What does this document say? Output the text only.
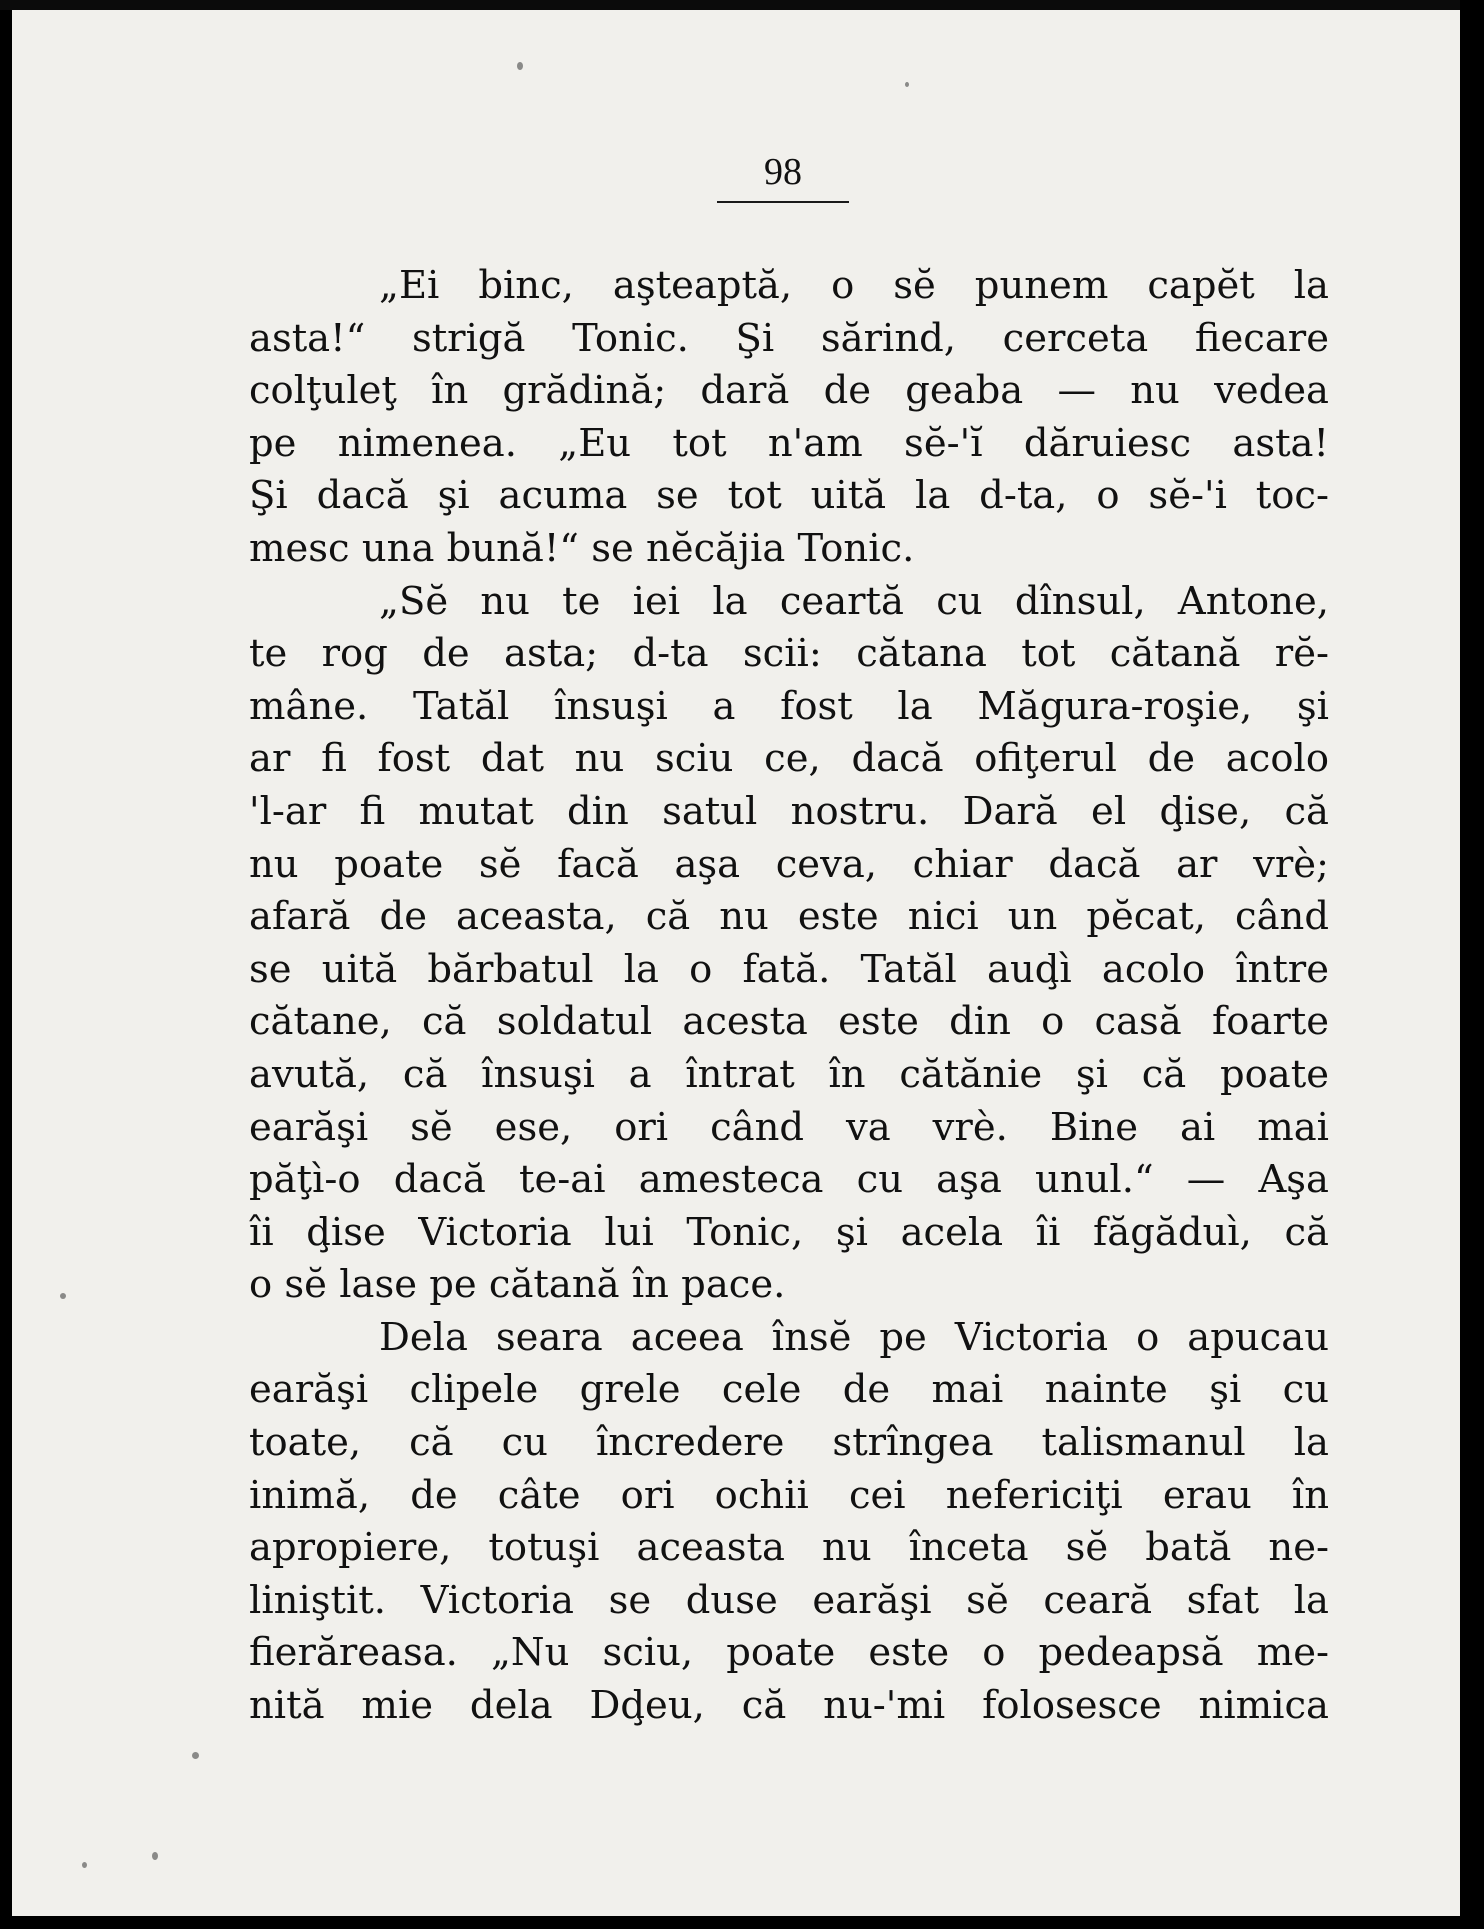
98
„Ei binc, aşteaptă, o sĕ punem capĕt la
asta!“ strigă Tonic. Şi sărind, cerceta fiecare
colţuleţ în grădină; dară de geaba — nu vedea
pe nimenea. „Eu tot n'am sĕ-'ĭ dăruiesc asta!
Şi dacă şi acuma se tot uită la d-ta, o sĕ-'i toc-
mesc una bună!“ se nĕcăjia Tonic.
„Sĕ nu te iei la ceartă cu dînsul, Antone,
te rog de asta; d-ta scii: cătana tot cătană rĕ-
mâne. Tatăl însuşi a fost la Măgura-roşie, şi
ar fi fost dat nu sciu ce, dacă ofiţerul de acolo
'l-ar fi mutat din satul nostru. Dară el ḑise, că
nu poate sĕ facă aşa ceva, chiar dacă ar vrè;
afară de aceasta, că nu este nici un pĕcat, când
se uită bărbatul la o fată. Tatăl auḑì acolo între
cătane, că soldatul acesta este din o casă foarte
avută, că însuşi a întrat în cătănie şi că poate
earăşi sĕ ese, ori când va vrè. Bine ai mai
păţì-o dacă te-ai amesteca cu aşa unul.“ — Aşa
îi ḑise Victoria lui Tonic, şi acela îi făgăduì, că
o sĕ lase pe cătană în pace.
Dela seara aceea însĕ pe Victoria o apucau
earăşi clipele grele cele de mai nainte şi cu
toate, că cu încredere strîngea talismanul la
inimă, de câte ori ochii cei nefericiţi erau în
apropiere, totuşi aceasta nu înceta sĕ bată ne-
liniştit. Victoria se duse earăşi sĕ ceară sfat la
fierăreasa. „Nu sciu, poate este o pedeapsă me-
nită mie dela Dḑeu, că nu-'mi folosesce nimica
